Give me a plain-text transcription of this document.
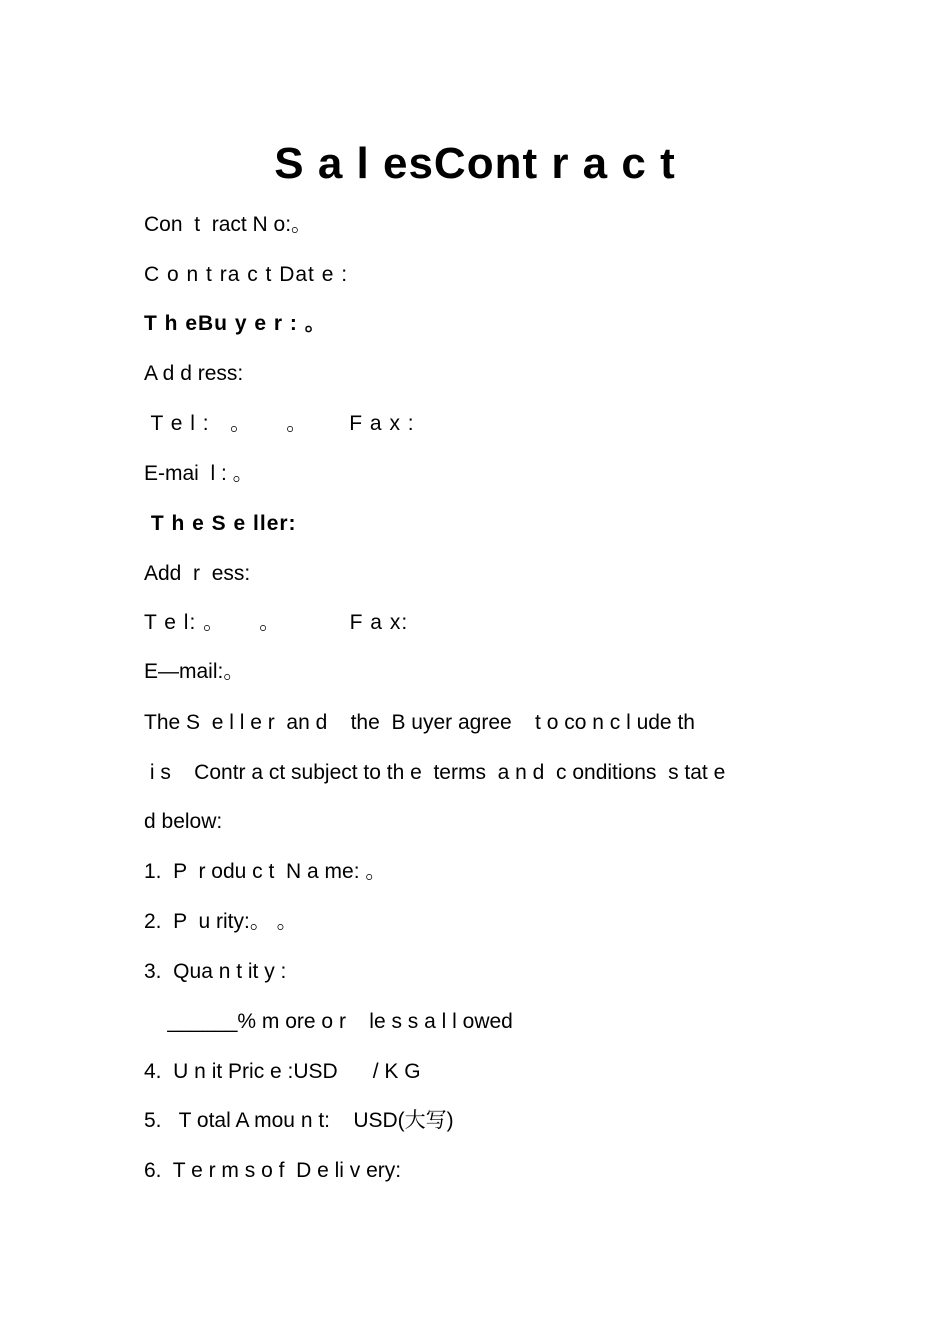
S a l esCont r a c t
Con  t  ract N o:。
C o n t ra c t Dat e :
T h eBu y e r : 。
A d d ress:
T e l :   。     。      F a x :
E-mai  l : 。
T h e S e ller:
Add  r  ess:
T e l: 。     。          F a x:
E—mail:。
The S  e l l e r  an d    the  B uyer agree    t o co n c l ude th
i s    Contr a ct subject to th e  terms  a n d  c onditions  s tat e
d below:
1.  P  r odu c t  N a me: 。
2.  P  u rity:。 。
3.  Qua n t it y :
______% m ore o r    le s s a l l owed
4.  U n it Pric e :USD      / K G
5.   T otal A mou n t:    USD(大写)
6.  T e r m s o f  D e li v ery:
